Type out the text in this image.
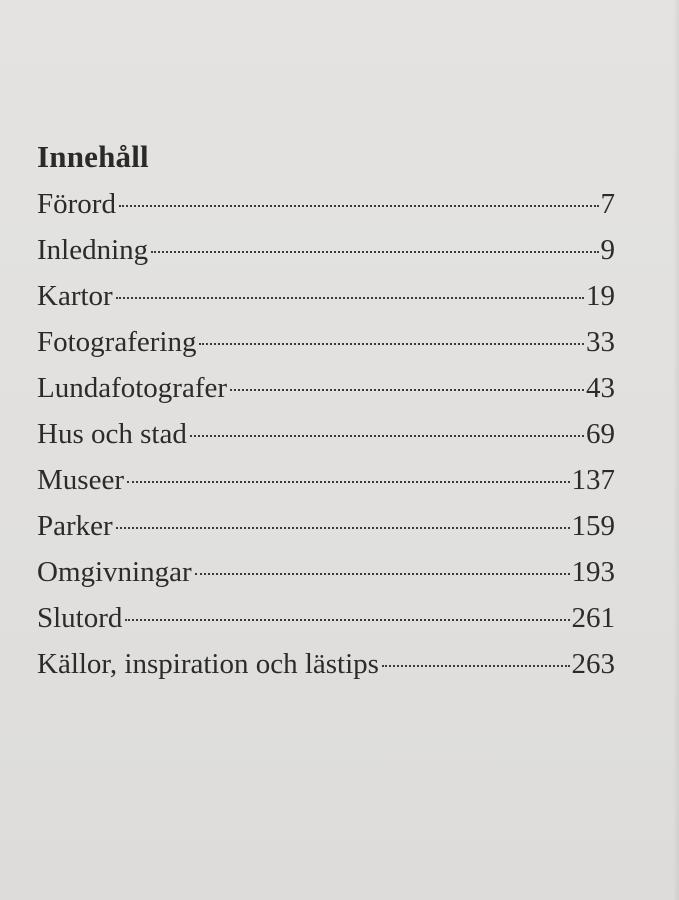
Innehåll
Förord	7
Inledning	9
Kartor	19
Fotografering	33
Lundafotografer	43
Hus och stad	69
Museer	137
Parker	159
Omgivningar	193
Slutord	261
Källor, inspiration och lästips	263
